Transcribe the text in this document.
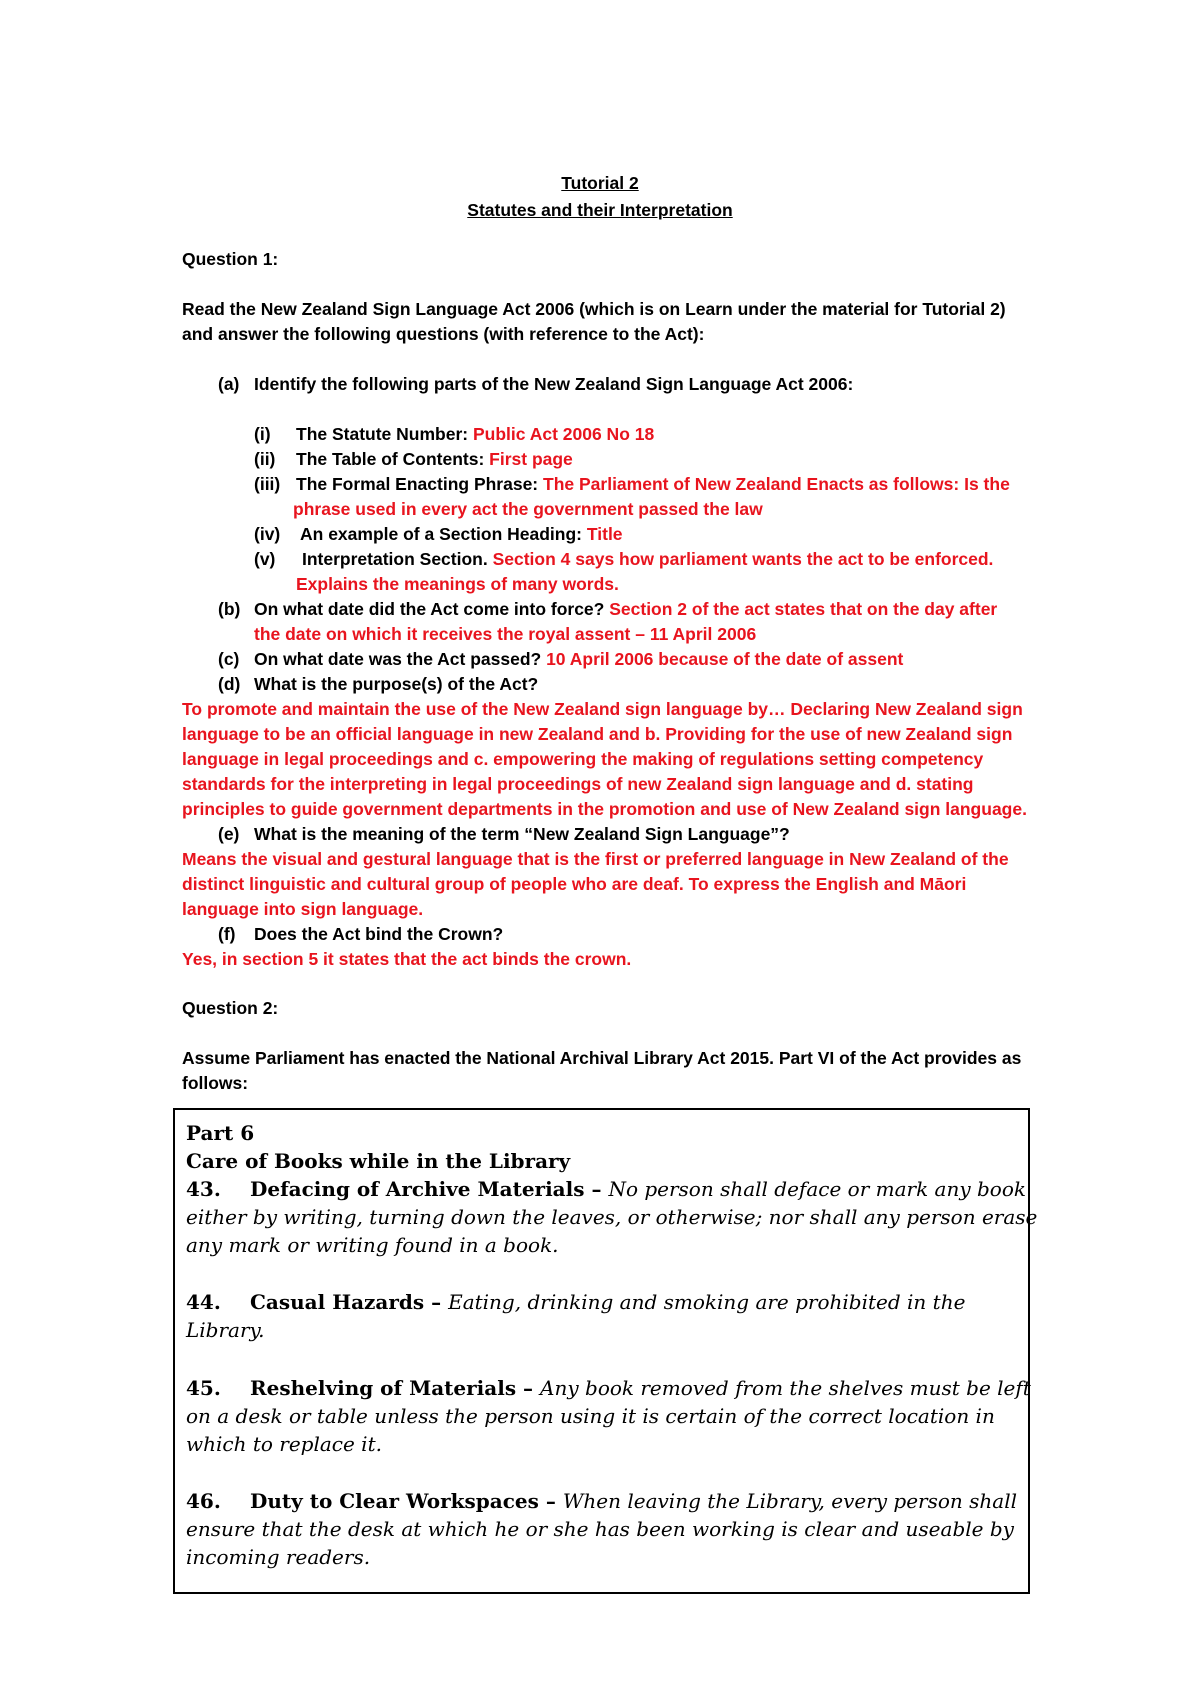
Tutorial 2
Statutes and their Interpretation
Question 1:
Read the New Zealand Sign Language Act 2006 (which is on Learn under the material for Tutorial 2)
and answer the following questions (with reference to the Act):
(a) Identify the following parts of the New Zealand Sign Language Act 2006:
(i) The Statute Number: Public Act 2006 No 18
(ii) The Table of Contents: First page
(iii) The Formal Enacting Phrase: The Parliament of New Zealand Enacts as follows: Is the
phrase used in every act the government passed the law
(iv) An example of a Section Heading: Title
(v) Interpretation Section. Section 4 says how parliament wants the act to be enforced.
Explains the meanings of many words.
(b) On what date did the Act come into force? Section 2 of the act states that on the day after
the date on which it receives the royal assent – 11 April 2006
(c) On what date was the Act passed? 10 April 2006 because of the date of assent
(d) What is the purpose(s) of the Act?
To promote and maintain the use of the New Zealand sign language by… Declaring New Zealand sign
language to be an official language in new Zealand and b. Providing for the use of new Zealand sign
language in legal proceedings and c. empowering the making of regulations setting competency
standards for the interpreting in legal proceedings of new Zealand sign language and d. stating
principles to guide government departments in the promotion and use of New Zealand sign language.
(e) What is the meaning of the term “New Zealand Sign Language”?
Means the visual and gestural language that is the first or preferred language in New Zealand of the
distinct linguistic and cultural group of people who are deaf. To express the English and Māori
language into sign language.
(f) Does the Act bind the Crown?
Yes, in section 5 it states that the act binds the crown.
Question 2:
Assume Parliament has enacted the National Archival Library Act 2015. Part VI of the Act provides as
follows:
Part 6
Care of Books while in the Library
43. Defacing of Archive Materials – No person shall deface or mark any book
either by writing, turning down the leaves, or otherwise; nor shall any person erase
any mark or writing found in a book.
44. Casual Hazards – Eating, drinking and smoking are prohibited in the
Library.
45. Reshelving of Materials – Any book removed from the shelves must be left
on a desk or table unless the person using it is certain of the correct location in
which to replace it.
46. Duty to Clear Workspaces – When leaving the Library, every person shall
ensure that the desk at which he or she has been working is clear and useable by
incoming readers.
